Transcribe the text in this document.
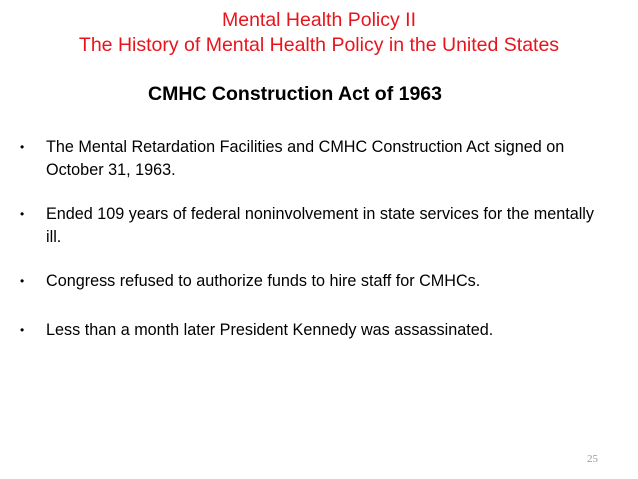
Mental Health Policy II
The History of Mental Health Policy in the United States
CMHC Construction Act of 1963
• The Mental Retardation Facilities and CMHC Construction Act signed on October 31, 1963.
• Ended 109 years of federal noninvolvement in state services for the mentally ill.
• Congress refused to authorize funds to hire staff for CMHCs.
• Less than a month later President Kennedy was assassinated.
25
